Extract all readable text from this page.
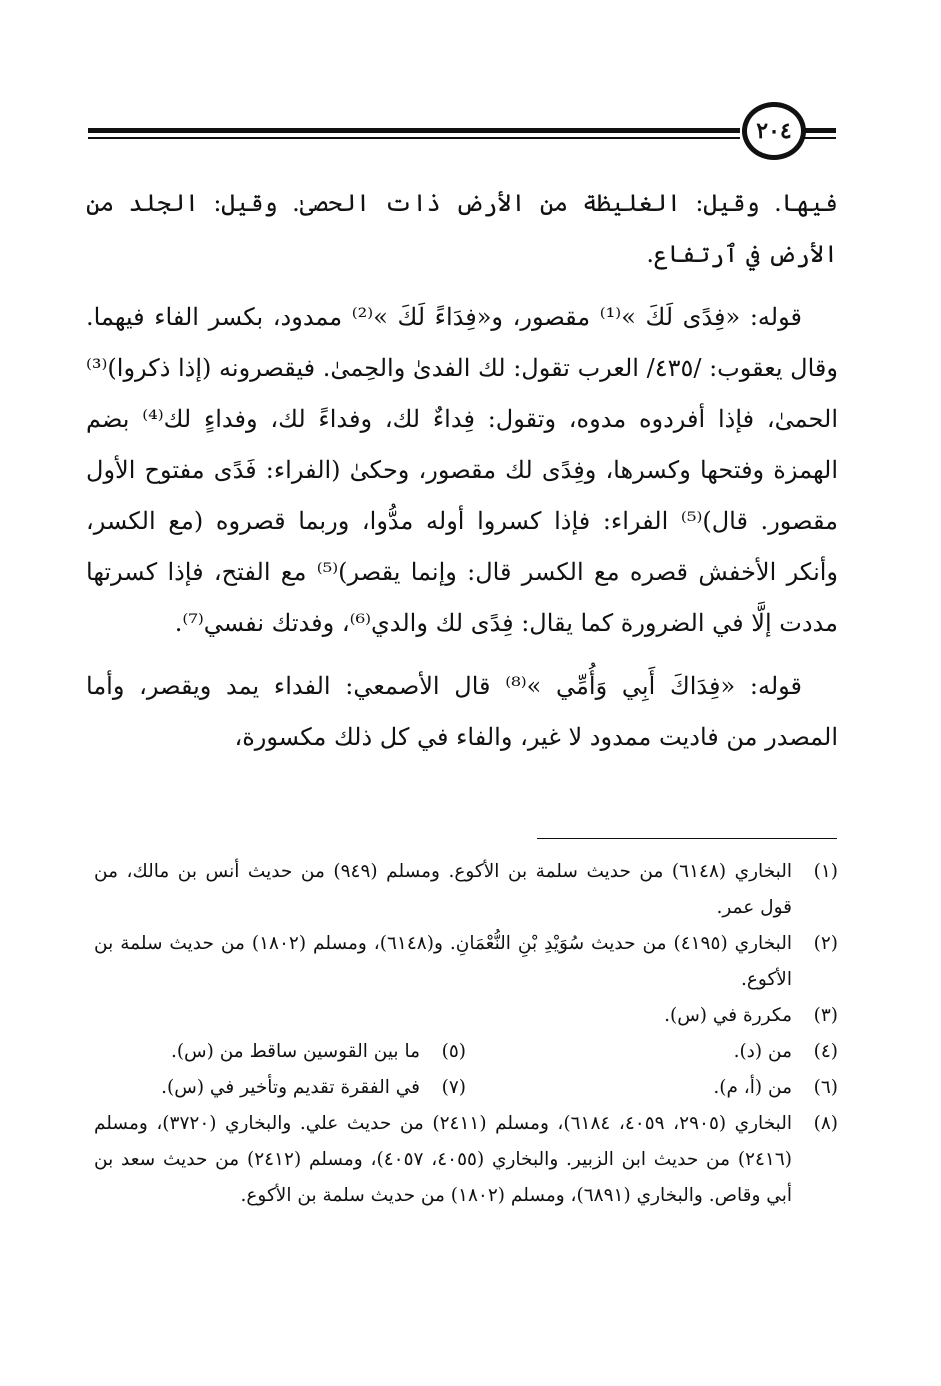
٢٠٤

فيها. وقيل: الغليظة من الأرض ذات الحصىٰ. وقيل: الجلد من الأرض في ٱرتفاع.

قوله: «فِدًى لَكَ »⁽¹⁾ مقصور، و«فِدَاءً لَكَ »⁽²⁾ ممدود، بكسر الفاء فيهما. وقال يعقوب: /٤٣٥/ العرب تقول: لك الفدىٰ والحِمىٰ. فيقصرونه (إذا ذكروا)⁽³⁾ الحمىٰ، فإذا أفردوه مدوه، وتقول: فِداءٌ لك، وفداءً لك، وفداءٍ لك⁽⁴⁾ بضم الهمزة وفتحها وكسرها، وفِدًى لك مقصور، وحكىٰ (الفراء: فَدًى مفتوح الأول مقصور. قال)⁽⁵⁾ الفراء: فإذا كسروا أوله مدُّوا، وربما قصروه (مع الكسر، وأنكر الأخفش قصره مع الكسر قال: وإنما يقصر)⁽⁵⁾ مع الفتح، فإذا كسرتها مددت إلَّا في الضرورة كما يقال: فِدًى لك والدي⁽⁶⁾، وفدتك نفسي⁽⁷⁾.

قوله: «فِدَاكَ أَبِي وَأُمِّي »⁽⁸⁾ قال الأصمعي: الفداء يمد ويقصر، وأما المصدر من فاديت ممدود لا غير، والفاء في كل ذلك مكسورة،

(١)
البخاري (٦١٤٨) من حديث سلمة بن الأكوع. ومسلم (٩٤٩) من حديث أنس بن مالك، من قول عمر.
(٢)
البخاري (٤١٩٥) من حديث سُوَيْدِ بْنِ النُّعْمَانِ. و(٦١٤٨)، ومسلم (١٨٠٢) من حديث سلمة بن الأكوع.
(٣)
مكررة في (س).
(٤)
من (د).
(٥)
ما بين القوسين ساقط من (س).
(٦)
من (أ، م).
(٧)
في الفقرة تقديم وتأخير في (س).
(٨)
البخاري (٢٩٠٥، ٤٠٥٩، ٦١٨٤)، ومسلم (٢٤١١) من حديث علي. والبخاري (٣٧٢٠)، ومسلم (٢٤١٦) من حديث ابن الزبير. والبخاري (٤٠٥٥، ٤٠٥٧)، ومسلم (٢٤١٢) من حديث سعد بن أبي وقاص. والبخاري (٦٨٩١)، ومسلم (١٨٠٢) من حديث سلمة بن الأكوع.
